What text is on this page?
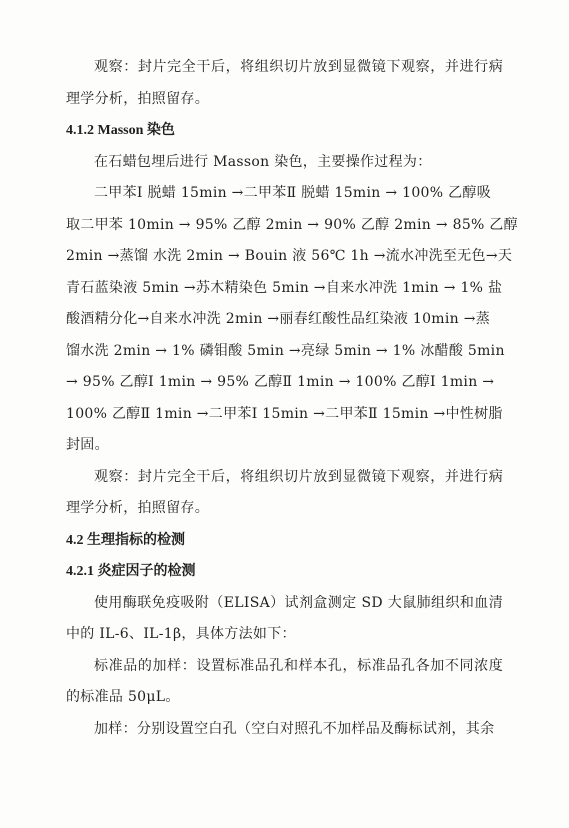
观察：封片完全干后，将组织切片放到显微镜下观察，并进行病理学分析，拍照留存。

4.1.2 Masson 染色

在石蜡包埋后进行 Masson 染色，主要操作过程为：

二甲苯Ⅰ 脱蜡 15min →二甲苯Ⅱ 脱蜡 15min → 100% 乙醇吸
取二甲苯 10min → 95% 乙醇 2min → 90% 乙醇 2min → 85% 乙醇
2min →蒸馏 水洗 2min → Bouin 液 56℃ 1h →流水冲洗至无色→天
青石蓝染液 5min →苏木精染色 5min →自来水冲洗 1min → 1% 盐
酸酒精分化→自来水冲洗 2min →丽春红酸性品红染液 10min →蒸
馏水洗 2min → 1% 磷钼酸 5min →亮绿 5min → 1% 冰醋酸 5min
→ 95% 乙醇Ⅰ 1min → 95% 乙醇Ⅱ 1min → 100% 乙醇Ⅰ 1min →
100% 乙醇Ⅱ 1min →二甲苯Ⅰ 15min →二甲苯Ⅱ 15min →中性树脂
封固。

观察：封片完全干后，将组织切片放到显微镜下观察，并进行病理学分析，拍照留存。

4.2 生理指标的检测

4.2.1 炎症因子的检测

使用酶联免疫吸附（ELISA）试剂盒测定 SD 大鼠肺组织和血清中的 IL-6、IL-1β，具体方法如下：

标准品的加样：设置标准品孔和样本孔，标准品孔各加不同浓度的标准品 50μL。

加样：分别设置空白孔（空白对照孔不加样品及酶标试剂，其余
